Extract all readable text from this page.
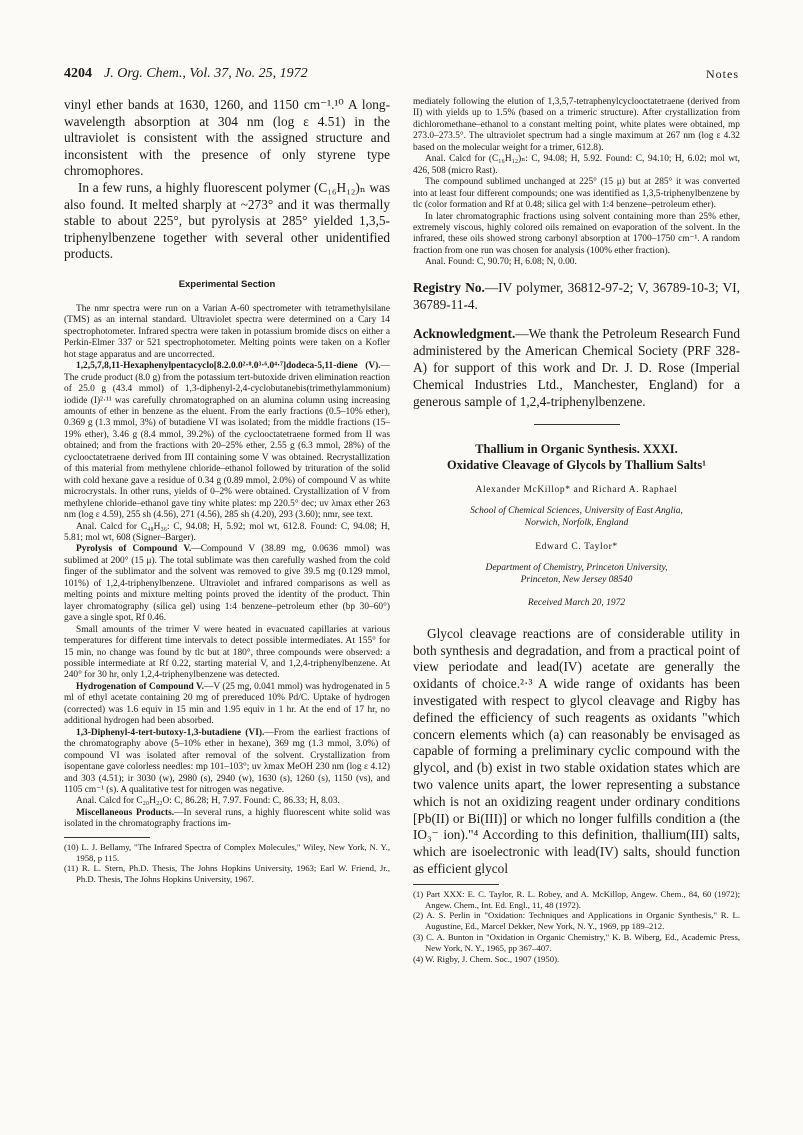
4204 J. Org. Chem., Vol. 37, No. 25, 1972	Notes

vinyl ether bands at 1630, 1260, and 1150 cm⁻¹.¹⁰ A long-wavelength absorption at 304 nm (log ε 4.51) in the ultraviolet is consistent with the assigned structure and inconsistent with the presence of only styrene type chromophores.

In a few runs, a highly fluorescent polymer (C₁₆H₁₂)ₙ was also found. It melted sharply at ~273° and it was thermally stable to about 225°, but pyrolysis at 285° yielded 1,3,5-triphenylbenzene together with several other unidentified products.

Experimental Section

The nmr spectra were run on a Varian A-60 spectrometer with tetramethylsilane (TMS) as an internal standard. Ultraviolet spectra were determined on a Cary 14 spectrophotometer. Infrared spectra were taken in potassium bromide discs on either a Perkin-Elmer 337 or 521 spectrophotometer. Melting points were taken on a Kofler hot stage apparatus and are uncorrected.

1,2,5,7,8,11-Hexaphenylpentacyclo[8.2.0.0²·⁸.0³·⁶.0⁴·⁷]dodeca-5,11-diene (V).—The crude product (8.0 g) from the potassium tert-butoxide driven elimination reaction of 25.0 g (43.4 mmol) of 1,3-diphenyl-2,4-cyclobutanebis(trimethylammonium) iodide (I)²·¹¹ was carefully chromatographed on an alumina column using increasing amounts of ether in benzene as the eluent. From the early fractions (0.5–10% ether), 0.369 g (1.3 mmol, 3%) of butadiene VI was isolated; from the middle fractions (15–19% ether), 3.46 g (8.4 mmol, 39.2%) of the cyclooctatetraene formed from II was obtained; and from the fractions with 20–25% ether, 2.55 g (6.3 mmol, 28%) of the cyclooctatetraene derived from III containing some V was obtained. Recrystallization of this material from methylene chloride–ethanol followed by trituration of the solid with cold hexane gave a residue of 0.34 g (0.89 mmol, 2.0%) of compound V as white microcrystals. In other runs, yields of 0–2% were obtained. Crystallization of V from methylene chloride–ethanol gave tiny white plates: mp 220.5° dec; uv λmax ether 263 nm (log ε 4.59), 255 sh (4.56), 271 (4.56), 285 sh (4.20), 293 (3.60); nmr, see text.

Anal. Calcd for C₄₈H₃₆: C, 94.08; H, 5.92; mol wt, 612.8. Found: C, 94.08; H, 5.81; mol wt, 608 (Signer–Barger).

Pyrolysis of Compound V.—Compound V (38.89 mg, 0.0636 mmol) was sublimed at 200° (15 μ). The total sublimate was then carefully washed from the cold finger of the sublimator and the solvent was removed to give 39.5 mg (0.129 mmol, 101%) of 1,2,4-triphenylbenzene. Ultraviolet and infrared comparisons as well as melting points and mixture melting points proved the identity of the product. Thin layer chromatography (silica gel) using 1:4 benzene–petroleum ether (bp 30–60°) gave a single spot, Rf 0.46.

Small amounts of the trimer V were heated in evacuated capillaries at various temperatures for different time intervals to detect possible intermediates. At 155° for 15 min, no change was found by tlc but at 180°, three compounds were observed: a possible intermediate at Rf 0.22, starting material V, and 1,2,4-triphenylbenzene. At 240° for 30 hr, only 1,2,4-triphenylbenzene was detected.

Hydrogenation of Compound V.—V (25 mg, 0.041 mmol) was hydrogenated in 5 ml of ethyl acetate containing 20 mg of prereduced 10% Pd/C. Uptake of hydrogen (corrected) was 1.6 equiv in 15 min and 1.95 equiv in 1 hr. At the end of 17 hr, no additional hydrogen had been absorbed.

1,3-Diphenyl-4-tert-butoxy-1,3-butadiene (VI).—From the earliest fractions of the chromatography above (5–10% ether in hexane), 369 mg (1.3 mmol, 3.0%) of compound VI was isolated after removal of the solvent. Crystallization from isopentane gave colorless needles: mp 101–103°; uv λmax MeOH 230 nm (log ε 4.12) and 303 (4.51); ir 3030 (w), 2980 (s), 2940 (w), 1630 (s), 1260 (s), 1150 (vs), and 1105 cm⁻¹ (s). A qualitative test for nitrogen was negative.

Anal. Calcd for C₂₀H₂₂O: C, 86.28; H, 7.97. Found: C, 86.33; H, 8.03.

Miscellaneous Products.—In several runs, a highly fluorescent white solid was isolated in the chromatography fractions im-

(10) L. J. Bellamy, "The Infrared Spectra of Complex Molecules," Wiley, New York, N. Y., 1958, p 115.

(11) R. L. Stern, Ph.D. Thesis, The Johns Hopkins University, 1963; Earl W. Friend, Jr., Ph.D. Thesis, The Johns Hopkins University, 1967.

mediately following the elution of 1,3,5,7-tetraphenylcyclooctatetraene (derived from II) with yields up to 1.5% (based on a trimeric structure). After crystallization from dichloromethane–ethanol to a constant melting point, white plates were obtained, mp 273.0–273.5°. The ultraviolet spectrum had a single maximum at 267 nm (log ε 4.32 based on the molecular weight for a trimer, 612.8).

Anal. Calcd for (C₁₆H₁₂)ₙ: C, 94.08; H, 5.92. Found: C, 94.10; H, 6.02; mol wt, 426, 508 (micro Rast).

The compound sublimed unchanged at 225° (15 μ) but at 285° it was converted into at least four different compounds; one was identified as 1,3,5-triphenylbenzene by tlc (color formation and Rf at 0.48; silica gel with 1:4 benzene–petroleum ether).

In later chromatographic fractions using solvent containing more than 25% ether, extremely viscous, highly colored oils remained on evaporation of the solvent. In the infrared, these oils showed strong carbonyl absorption at 1700–1750 cm⁻¹. A random fraction from one run was chosen for analysis (100% ether fraction).

Anal. Found: C, 90.70; H, 6.08; N, 0.00.

Registry No.—IV polymer, 36812-97-2; V, 36789-10-3; VI, 36789-11-4.

Acknowledgment.—We thank the Petroleum Research Fund administered by the American Chemical Society (PRF 328-A) for support of this work and Dr. J. D. Rose (Imperial Chemical Industries Ltd., Manchester, England) for a generous sample of 1,2,4-triphenylbenzene.

Thallium in Organic Synthesis. XXXI.

Oxidative Cleavage of Glycols by Thallium Salts¹

Alexander McKillop* and Richard A. Raphael
School of Chemical Sciences, University of East Anglia,
Norwich, Norfolk, England
Edward C. Taylor*
Department of Chemistry, Princeton University,
Princeton, New Jersey 08540
Received March 20, 1972

Glycol cleavage reactions are of considerable utility in both synthesis and degradation, and from a practical point of view periodate and lead(IV) acetate are generally the oxidants of choice.²·³ A wide range of oxidants has been investigated with respect to glycol cleavage and Rigby has defined the efficiency of such reagents as oxidants "which concern elements which (a) can reasonably be envisaged as capable of forming a preliminary cyclic compound with the glycol, and (b) exist in two stable oxidation states which are two valence units apart, the lower representing a substance which is not an oxidizing reagent under ordinary conditions [Pb(II) or Bi(III)] or which no longer fulfills condition a (the IO₃⁻ ion)."⁴ According to this definition, thallium(III) salts, which are isoelectronic with lead(IV) salts, should function as efficient glycol

(1) Part XXX: E. C. Taylor, R. L. Robey, and A. McKillop, Angew. Chem., 84, 60 (1972); Angew. Chem., Int. Ed. Engl., 11, 48 (1972).

(2) A. S. Perlin in "Oxidation: Techniques and Applications in Organic Synthesis," R. L. Augustine, Ed., Marcel Dekker, New York, N. Y., 1969, pp 189–212.

(3) C. A. Bunton in "Oxidation in Organic Chemistry," K. B. Wiberg, Ed., Academic Press, New York, N. Y., 1965, pp 367–407.

(4) W. Rigby, J. Chem. Soc., 1907 (1950).
